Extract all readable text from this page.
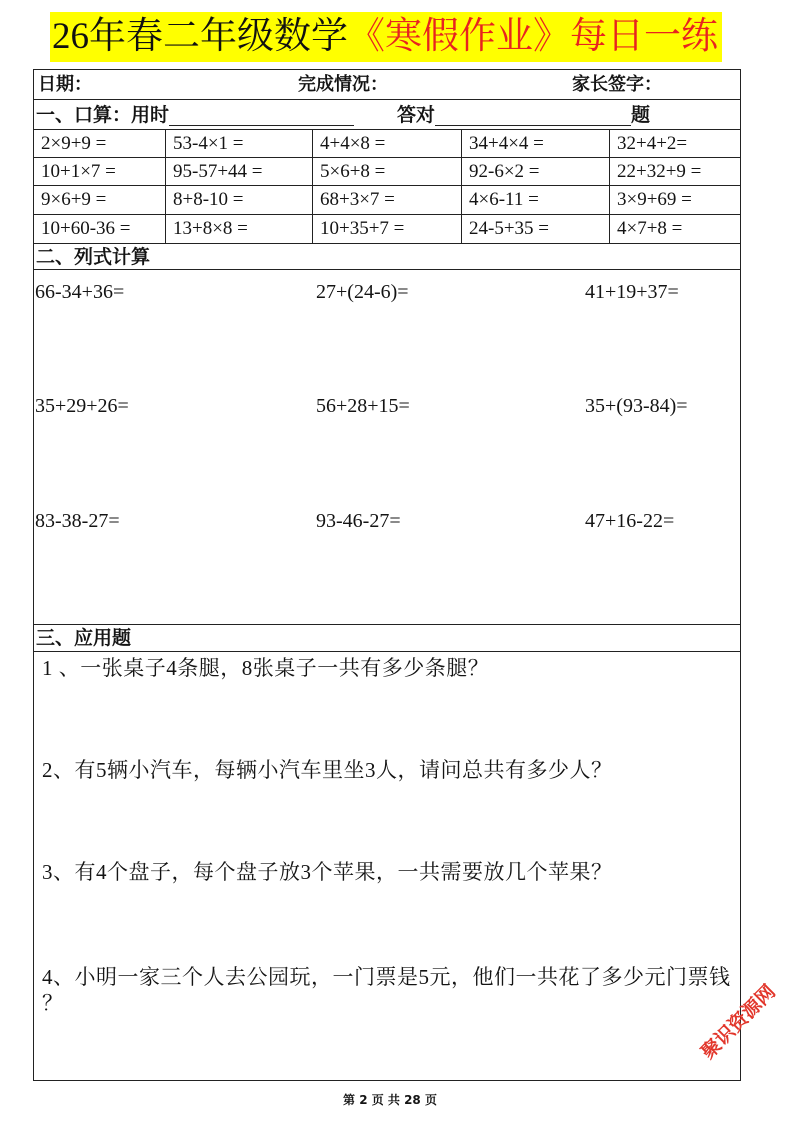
26年春二年级数学《寒假作业》每日一练
日期：	完成情况：	家长签字：
一、口算：用时	答对	题
2×9+9 =	53-4×1 =	4+4×8 =	34+4×4 =	32+4+2=
10+1×7 =	95-57+44 =	5×6+8 =	92-6×2 =	22+32+9 =
9×6+9 =	8+8-10 =	68+3×7 =	4×6-11 =	3×9+69 =
10+60-36 =	13+8×8 =	10+35+7 =	24-5+35 =	4×7+8 =
二、列式计算
66-34+36=	27+(24-6)=	41+19+37=
35+29+26=	56+28+15=	35+(93-84)=
83-38-27=	93-46-27=	47+16-22=
三、应用题
1 、一张桌子4条腿，8张桌子一共有多少条腿？
2、有5辆小汽车，每辆小汽车里坐3人，请问总共有多少人？
3、有4个盘子，每个盘子放3个苹果，一共需要放几个苹果？
4、小明一家三个人去公园玩，一门票是5元，他们一共花了多少元门票钱
？
第 2 页 共 28 页
聚识资源网
